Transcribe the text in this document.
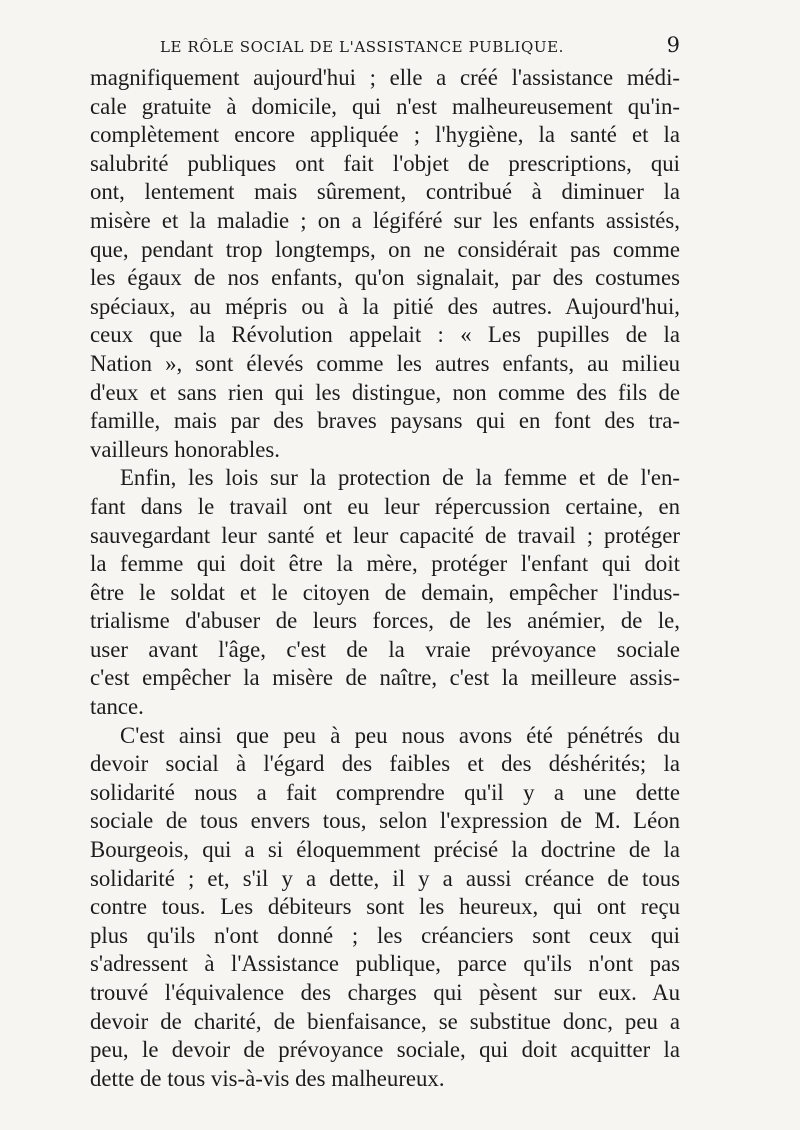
LE RÔLE SOCIAL DE L'ASSISTANCE PUBLIQUE.	9
magnifiquement aujourd'hui ; elle a créé l'assistance médi-
cale gratuite à domicile, qui n'est malheureusement qu'in-
complètement encore appliquée ; l'hygiène, la santé et la
salubrité publiques ont fait l'objet de prescriptions, qui
ont, lentement mais sûrement, contribué à diminuer la
misère et la maladie ; on a légiféré sur les enfants assistés,
que, pendant trop longtemps, on ne considérait pas comme
les égaux de nos enfants, qu'on signalait, par des costumes
spéciaux, au mépris ou à la pitié des autres. Aujourd'hui,
ceux que la Révolution appelait : « Les pupilles de la
Nation », sont élevés comme les autres enfants, au milieu
d'eux et sans rien qui les distingue, non comme des fils de
famille, mais par des braves paysans qui en font des tra-
vailleurs honorables.
Enfin, les lois sur la protection de la femme et de l'en-
fant dans le travail ont eu leur répercussion certaine, en
sauvegardant leur santé et leur capacité de travail ; protéger
la femme qui doit être la mère, protéger l'enfant qui doit
être le soldat et le citoyen de demain, empêcher l'indus-
trialisme d'abuser de leurs forces, de les anémier, de le,
user avant l'âge, c'est de la vraie prévoyance sociale
c'est empêcher la misère de naître, c'est la meilleure assis-
tance.
C'est ainsi que peu à peu nous avons été pénétrés du
devoir social à l'égard des faibles et des déshérités; la
solidarité nous a fait comprendre qu'il y a une dette
sociale de tous envers tous, selon l'expression de M. Léon
Bourgeois, qui a si éloquemment précisé la doctrine de la
solidarité ; et, s'il y a dette, il y a aussi créance de tous
contre tous. Les débiteurs sont les heureux, qui ont reçu
plus qu'ils n'ont donné ; les créanciers sont ceux qui
s'adressent à l'Assistance publique, parce qu'ils n'ont pas
trouvé l'équivalence des charges qui pèsent sur eux. Au
devoir de charité, de bienfaisance, se substitue donc, peu a
peu, le devoir de prévoyance sociale, qui doit acquitter la
dette de tous vis-à-vis des malheureux.
